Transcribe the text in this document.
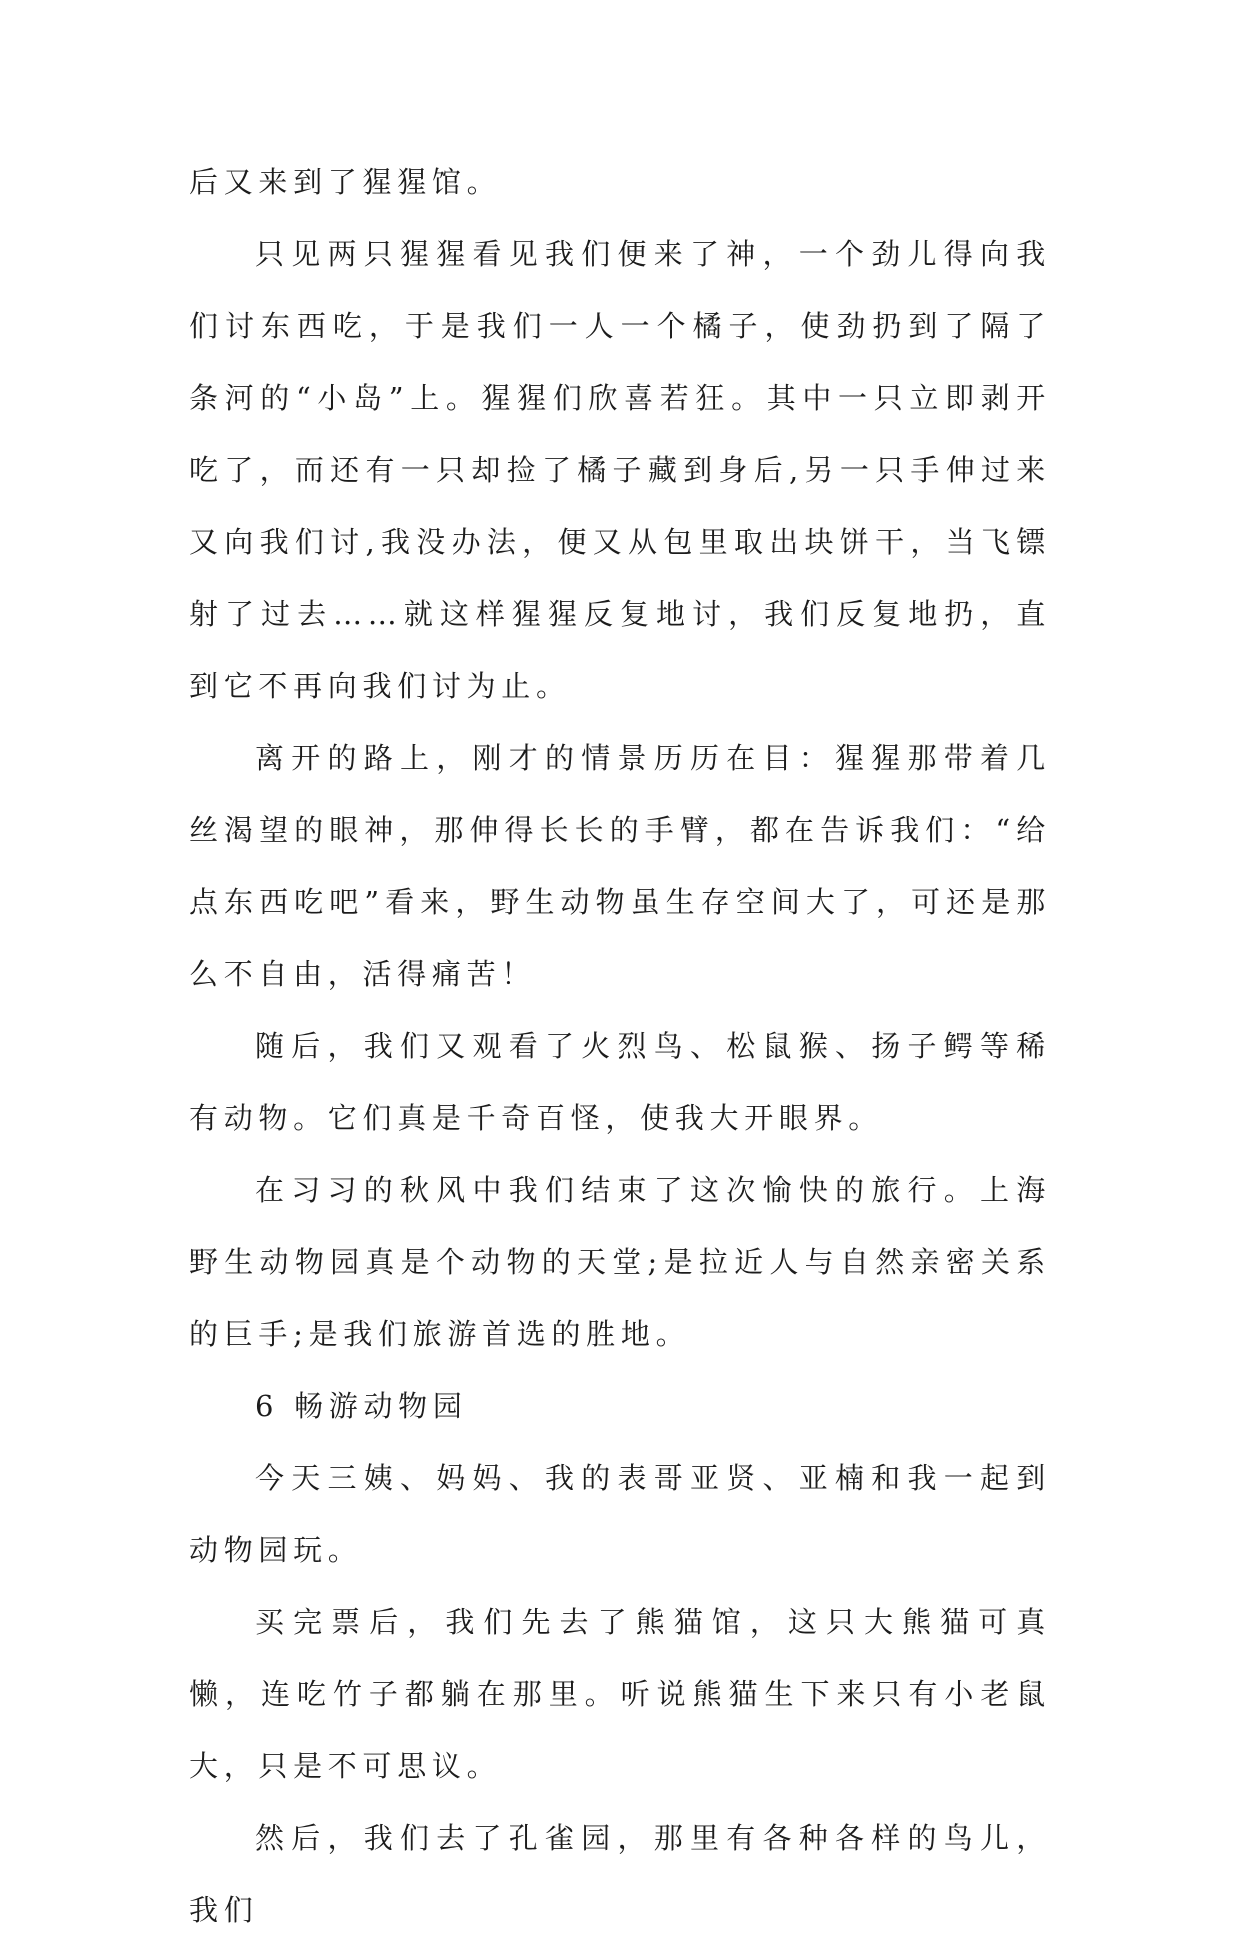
后又来到了猩猩馆。

只见两只猩猩看见我们便来了神，一个劲儿得向我们讨东西吃，于是我们一人一个橘子，使劲扔到了隔了条河的“小岛”上。猩猩们欣喜若狂。其中一只立即剥开吃了，而还有一只却捡了橘子藏到身后,另一只手伸过来又向我们讨,我没办法，便又从包里取出块饼干，当飞镖射了过去……就这样猩猩反复地讨，我们反复地扔，直到它不再向我们讨为止。

离开的路上，刚才的情景历历在目：猩猩那带着几丝渴望的眼神，那伸得长长的手臂，都在告诉我们：“给点东西吃吧”看来，野生动物虽生存空间大了，可还是那么不自由，活得痛苦！

随后，我们又观看了火烈鸟、松鼠猴、扬子鳄等稀有动物。它们真是千奇百怪，使我大开眼界。

在习习的秋风中我们结束了这次愉快的旅行。上海野生动物园真是个动物的天堂;是拉近人与自然亲密关系的巨手;是我们旅游首选的胜地。

6 畅游动物园

今天三姨、妈妈、我的表哥亚贤、亚楠和我一起到动物园玩。

买完票后，我们先去了熊猫馆，这只大熊猫可真懒，连吃竹子都躺在那里。听说熊猫生下来只有小老鼠大，只是不可思议。

然后，我们去了孔雀园，那里有各种各样的鸟儿，我们
